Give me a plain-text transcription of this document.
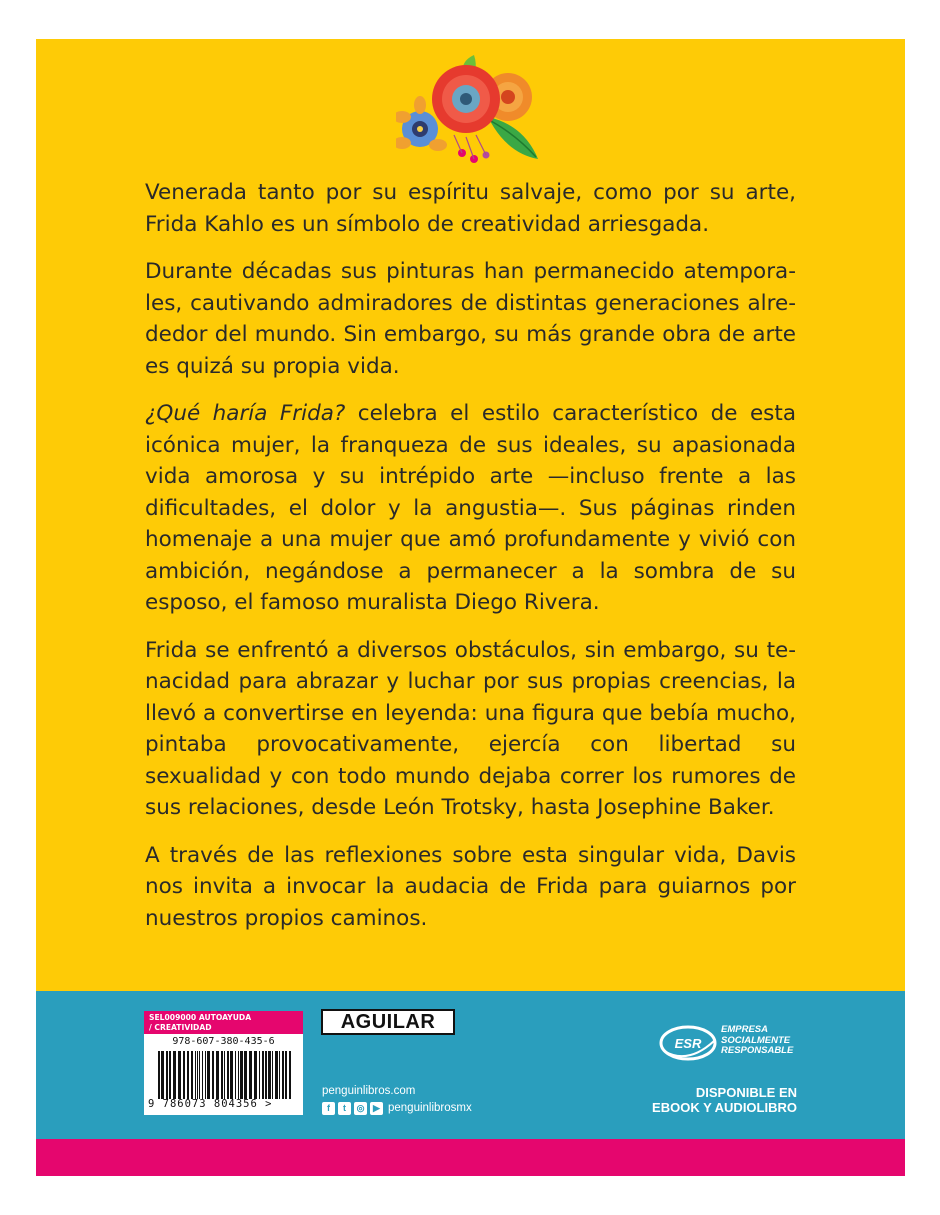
Venerada tanto por su espíritu salvaje, como por su arte, Frida Kahlo es un símbolo de creatividad arriesgada.

Durante décadas sus pinturas han permanecido atemporales, cautivando admiradores de distintas generaciones alrededor del mundo. Sin embargo, su más grande obra de arte es quizá su propia vida.

¿Qué haría Frida? celebra el estilo característico de esta icónica mujer, la franqueza de sus ideales, su apasionada vida amorosa y su intrépido arte —incluso frente a las dificultades, el dolor y la angustia—. Sus páginas rinden homenaje a una mujer que amó profundamente y vivió con ambición, negándose a permanecer a la sombra de su esposo, el famoso muralista Diego Rivera.

Frida se enfrentó a diversos obstáculos, sin embargo, su tenacidad para abrazar y luchar por sus propias creencias, la llevó a convertirse en leyenda: una figura que bebía mucho, pintaba provocativamente, ejercía con libertad su sexualidad y con todo mundo dejaba correr los rumores de sus relaciones, desde León Trotsky, hasta Josephine Baker.

A través de las reflexiones sobre esta singular vida, Davis nos invita a invocar la audacia de Frida para guiarnos por nuestros propios caminos.

SEL009000 AUTOAYUDA
/ CREATIVIDAD
978-607-380-435-6
9 786073 804356 >
AGUILAR
penguinlibros.com
f	t	◎ ▶ penguinlibrosmx
ESR
EMPRESA
SOCIALMENTE
RESPONSABLE
DISPONIBLE EN
EBOOK Y AUDIOLIBRO
